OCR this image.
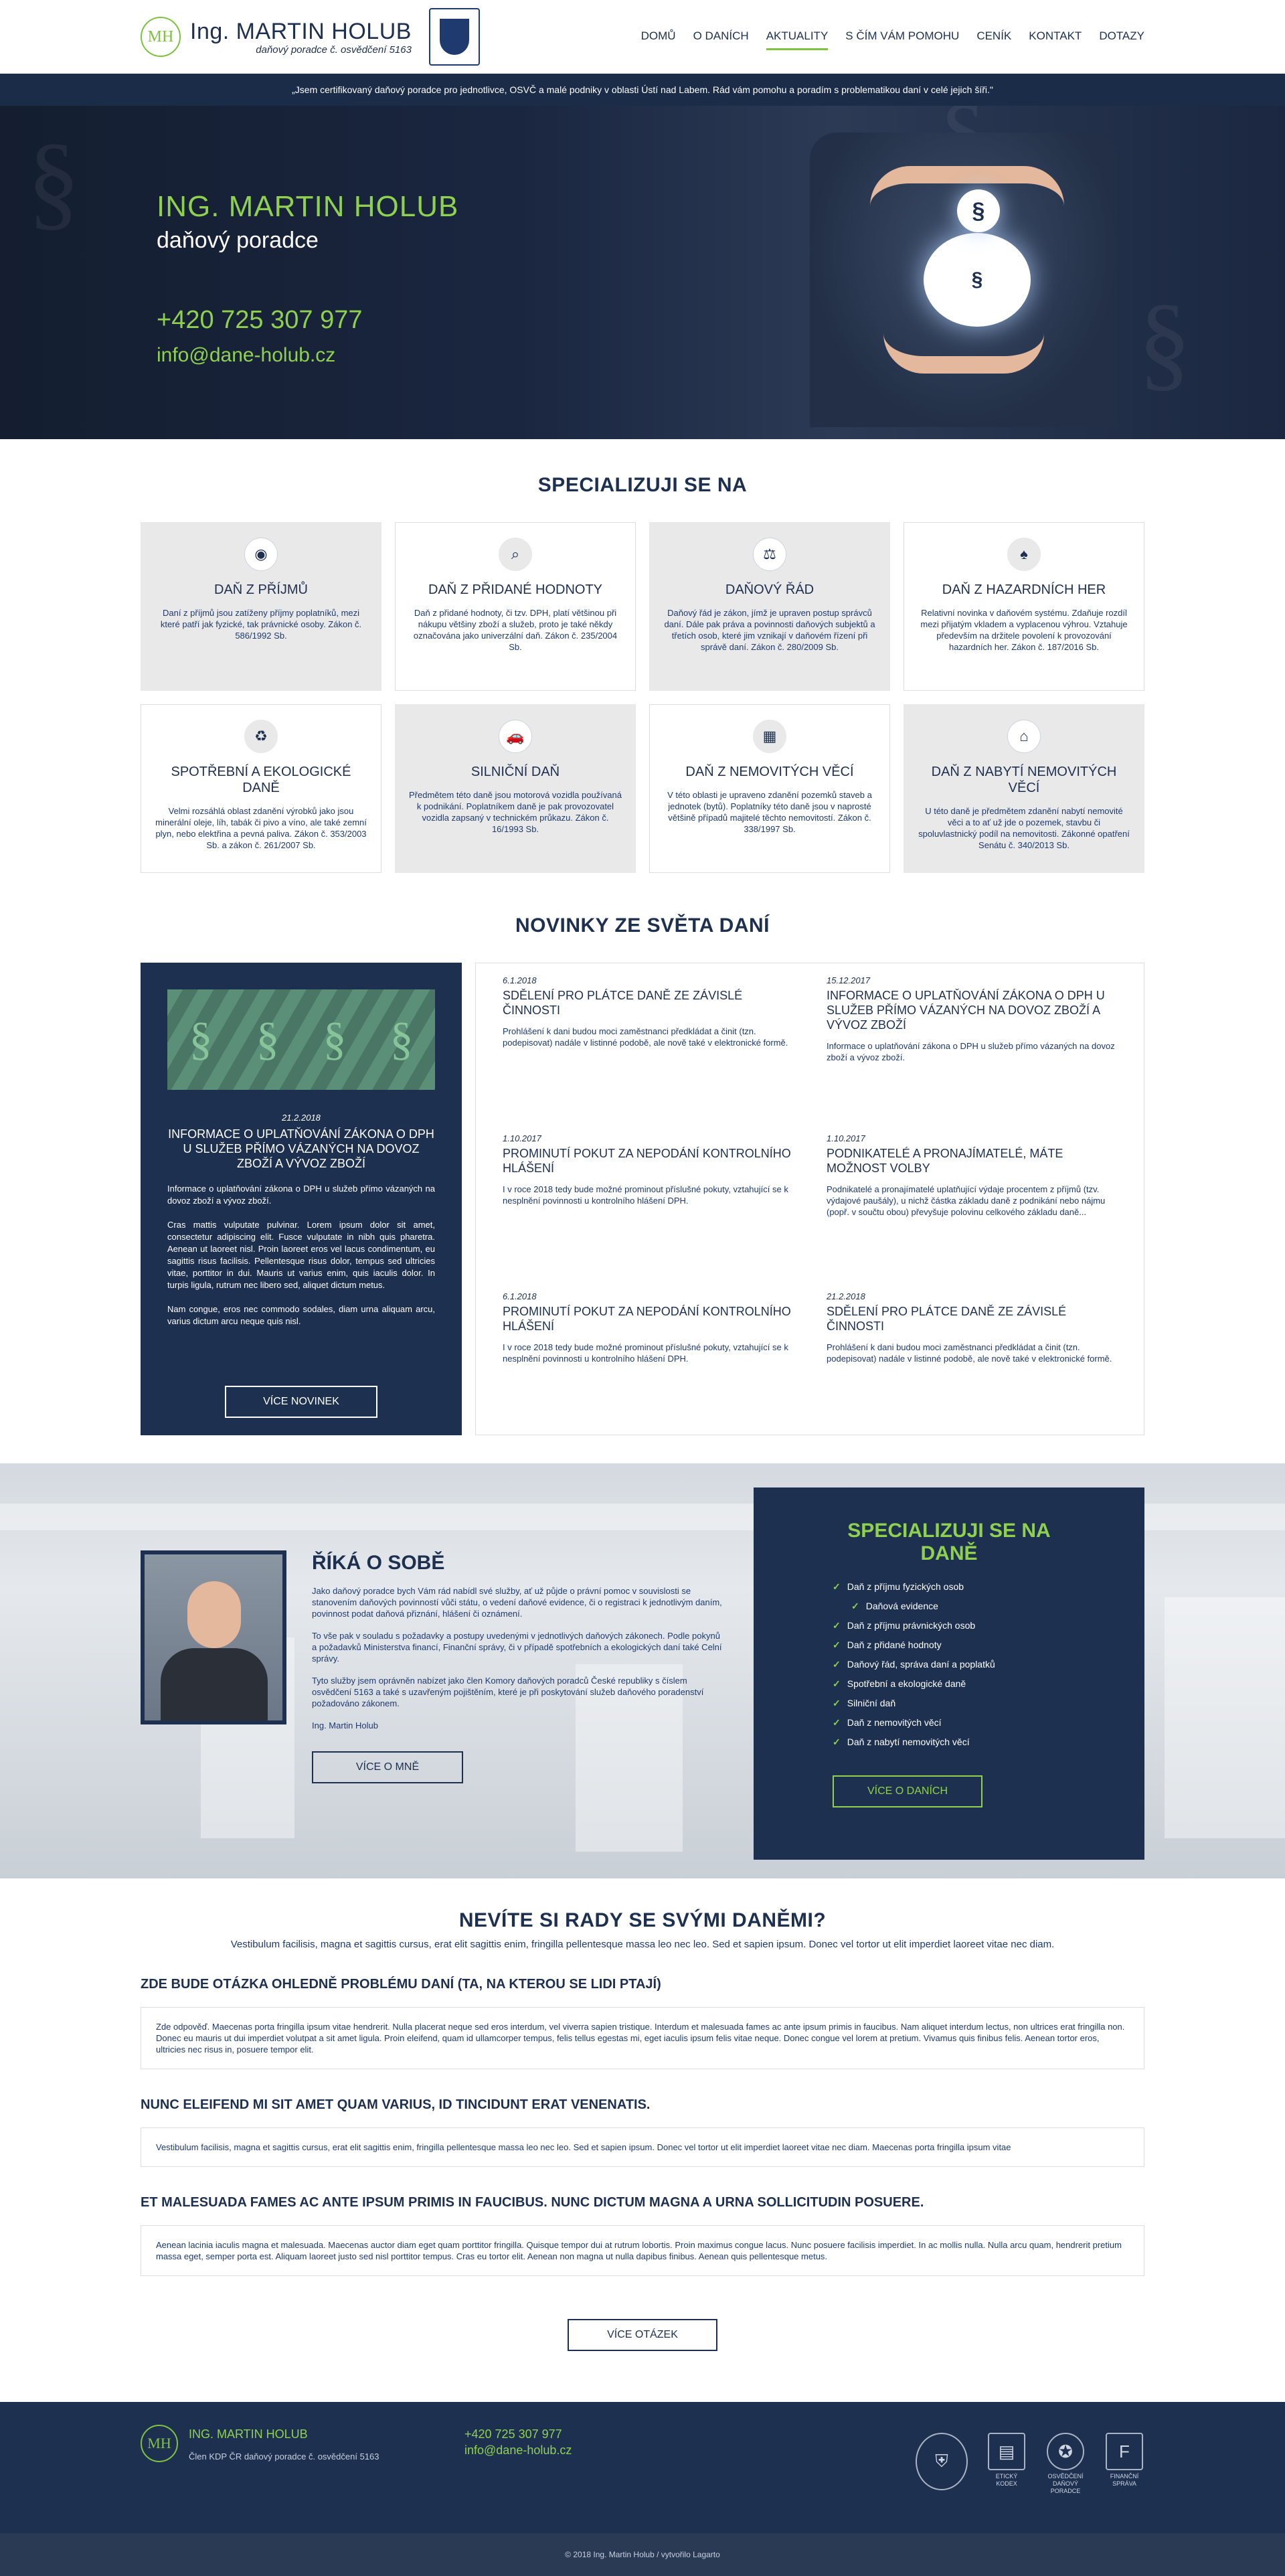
MH Ing. MARTIN HOLUB
daňový poradce č. osvědčení 5163
DOMŮ O DANÍCH AKTUALITY S ČÍM VÁM POMOHU CENÍK KONTAKT DOTAZY
„Jsem certifikovaný daňový poradce pro jednotlivce, OSVČ a malé podniky v oblasti Ústí nad Labem. Rád vám pomohu a poradím s problematikou daní v celé jejich šíři."
§
§
ING. MARTIN HOLUB
daňový poradce
+420 725 307 977
info@dane-holub.cz
§
§
SPECIALIZUJI SE NA
◉
DAŇ Z PŘÍJMŮ
Daní z příjmů jsou zatíženy příjmy poplatníků, mezi které patří jak fyzické, tak právnické osoby. Zákon č. 586/1992 Sb.
⌕
DAŇ Z PŘIDANÉ HODNOTY
Daň z přidané hodnoty, či tzv. DPH, platí většinou při nákupu většiny zboží a služeb, proto je také někdy označována jako univerzální daň. Zákon č. 235/2004 Sb.
⚖
DAŇOVÝ ŘÁD
Daňový řád je zákon, jímž je upraven postup správců daní. Dále pak práva a povinnosti daňových subjektů a třetích osob, které jim vznikají v daňovém řízení při správě daní. Zákon č. 280/2009 Sb.
♠
DAŇ Z HAZARDNÍCH HER
Relativní novinka v daňovém systému. Zdaňuje rozdíl mezi přijatým vkladem a vyplacenou výhrou. Vztahuje především na držitele povolení k provozování hazardních her. Zákon č. 187/2016 Sb.
♻
SPOTŘEBNÍ A EKOLOGICKÉ DANĚ
Velmi rozsáhlá oblast zdanění výrobků jako jsou minerální oleje, líh, tabák či pivo a víno, ale také zemní plyn, nebo elektřina a pevná paliva. Zákon č. 353/2003 Sb. a zákon č. 261/2007 Sb.
🚗
SILNIČNÍ DAŇ
Předmětem této daně jsou motorová vozidla používaná k podnikání. Poplatníkem daně je pak provozovatel vozidla zapsaný v technickém průkazu. Zákon č. 16/1993 Sb.
▦
DAŇ Z NEMOVITÝCH VĚCÍ
V této oblasti je upraveno zdanění pozemků staveb a jednotek (bytů). Poplatníky této daně jsou v naprosté většině případů majitelé těchto nemovitostí. Zákon č. 338/1997 Sb.
⌂
DAŇ Z NABYTÍ NEMOVITÝCH VĚCÍ
U této daně je předmětem zdanění nabytí nemovité věci a to ať už jde o pozemek, stavbu či spoluvlastnický podíl na nemovitosti. Zákonné opatření Senátu č. 340/2013 Sb.
NOVINKY ZE SVĚTA DANÍ
§ § § §
21.2.2018
INFORMACE O UPLATŇOVÁNÍ ZÁKONA O DPH U SLUŽEB PŘÍMO VÁZANÝCH NA DOVOZ ZBOŽÍ A VÝVOZ ZBOŽÍ

Informace o uplatňování zákona o DPH u služeb přímo vázaných na dovoz zboží a vývoz zboží.

Cras mattis vulputate pulvinar. Lorem ipsum dolor sit amet, consectetur adipiscing elit. Fusce vulputate in nibh quis pharetra. Aenean ut laoreet nisl. Proin laoreet eros vel lacus condimentum, eu sagittis risus facilisis. Pellentesque risus dolor, tempus sed ultricies vitae, porttitor in dui. Mauris ut varius enim, quis iaculis dolor. In turpis ligula, rutrum nec libero sed, aliquet dictum metus.

Nam congue, eros nec commodo sodales, diam urna aliquam arcu, varius dictum arcu neque quis nisl.

VÍCE NOVINEK
6.1.2018
SDĚLENÍ PRO PLÁTCE DANĚ ZE ZÁVISLÉ ČINNOSTI
Prohlášení k dani budou moci zaměstnanci předkládat a činit (tzn. podepisovat) nadále v listinné podobě, ale nově také v elektronické formě.
15.12.2017
INFORMACE O UPLATŇOVÁNÍ ZÁKONA O DPH U SLUŽEB PŘÍMO VÁZANÝCH NA DOVOZ ZBOŽÍ A VÝVOZ ZBOŽÍ
Informace o uplatňování zákona o DPH u služeb přímo vázaných na dovoz zboží a vývoz zboží.
1.10.2017
PROMINUTÍ POKUT ZA NEPODÁNÍ KONTROLNÍHO HLÁŠENÍ
I v roce 2018 tedy bude možné prominout příslušné pokuty, vztahující se k nesplnění povinnosti u kontrolního hlášení DPH.
1.10.2017
PODNIKATELÉ A PRONAJÍMATELÉ, MÁTE MOŽNOST VOLBY
Podnikatelé a pronajímatelé uplatňující výdaje procentem z příjmů (tzv. výdajové paušály), u nichž částka základu daně z podnikání nebo nájmu (popř. v součtu obou) převyšuje polovinu celkového základu daně...
6.1.2018
PROMINUTÍ POKUT ZA NEPODÁNÍ KONTROLNÍHO HLÁŠENÍ
I v roce 2018 tedy bude možné prominout příslušné pokuty, vztahující se k nesplnění povinnosti u kontrolního hlášení DPH.
21.2.2018
SDĚLENÍ PRO PLÁTCE DANĚ ZE ZÁVISLÉ ČINNOSTI
Prohlášení k dani budou moci zaměstnanci předkládat a činit (tzn. podepisovat) nadále v listinné podobě, ale nově také v elektronické formě.
ŘÍKÁ O SOBĚ

Jako daňový poradce bych Vám rád nabídl své služby, ať už půjde o právní pomoc v souvislosti se stanovením daňových povinností vůči státu, o vedení daňové evidence, či o registraci k jednotlivým daním, povinnost podat daňová přiznání, hlášení či oznámení.

To vše pak v souladu s požadavky a postupy uvedenými v jednotlivých daňových zákonech. Podle pokynů a požadavků Ministerstva financí, Finanční správy, či v případě spotřebních a ekologických daní také Celní správy.

Tyto služby jsem oprávněn nabízet jako člen Komory daňových poradců České republiky s číslem osvědčení 5163 a také s uzavřeným pojištěním, které je při poskytování služeb daňového poradenství požadováno zákonem.

Ing. Martin Holub

VÍCE O MNĚ
SPECIALIZUJI SE NA DANĚ
✓ Daň z příjmu fyzických osob
✓ Daňová evidence
✓ Daň z příjmu právnických osob
✓ Daň z přidané hodnoty
✓ Daňový řád, správa daní a poplatků
✓ Spotřební a ekologické daně
✓ Silniční daň
✓ Daň z nemovitých věcí
✓ Daň z nabytí nemovitých věcí
VÍCE O DANÍCH
NEVÍTE SI RADY SE SVÝMI DANĚMI?

Vestibulum facilisis, magna et sagittis cursus, erat elit sagittis enim, fringilla pellentesque massa leo nec leo. Sed et sapien ipsum. Donec vel tortor ut elit imperdiet laoreet vitae nec diam.

ZDE BUDE OTÁZKA OHLEDNĚ PROBLÉMU DANÍ (TA, NA KTEROU SE LIDI PTAJÍ)
Zde odpověď. Maecenas porta fringilla ipsum vitae hendrerit. Nulla placerat neque sed eros interdum, vel viverra sapien tristique. Interdum et malesuada fames ac ante ipsum primis in faucibus. Nam aliquet interdum lectus, non ultrices erat fringilla non. Donec eu mauris ut dui imperdiet volutpat a sit amet ligula. Proin eleifend, quam id ullamcorper tempus, felis tellus egestas mi, eget iaculis ipsum felis vitae neque. Donec congue vel lorem at pretium. Vivamus quis finibus felis. Aenean tortor eros, ultricies nec risus in, posuere tempor elit.
NUNC ELEIFEND MI SIT AMET QUAM VARIUS, ID TINCIDUNT ERAT VENENATIS.
Vestibulum facilisis, magna et sagittis cursus, erat elit sagittis enim, fringilla pellentesque massa leo nec leo. Sed et sapien ipsum. Donec vel tortor ut elit imperdiet laoreet vitae nec diam. Maecenas porta fringilla ipsum vitae
ET MALESUADA FAMES AC ANTE IPSUM PRIMIS IN FAUCIBUS. NUNC DICTUM MAGNA A URNA SOLLICITUDIN POSUERE.
Aenean lacinia iaculis magna et malesuada. Maecenas auctor diam eget quam porttitor fringilla. Quisque tempor dui at rutrum lobortis. Proin maximus congue lacus. Nunc posuere facilisis imperdiet. In ac mollis nulla. Nulla arcu quam, hendrerit pretium massa eget, semper porta est. Aliquam laoreet justo sed nisl porttitor tempus. Cras eu tortor elit. Aenean non magna ut nulla dapibus finibus. Aenean quis pellentesque metus.
VÍCE OTÁZEK
MH
ING. MARTIN HOLUB
Člen KDP ČR daňový poradce č. osvědčení 5163
+420 725 307 977
info@dane-holub.cz
⛨	▤
ETICKÝ KODEX
✪
OSVĚDČENÍ DAŇOVÝ PORADCE
F
FINANČNÍ SPRÁVA
© 2018 Ing. Martin Holub / vytvořilo Lagarto
